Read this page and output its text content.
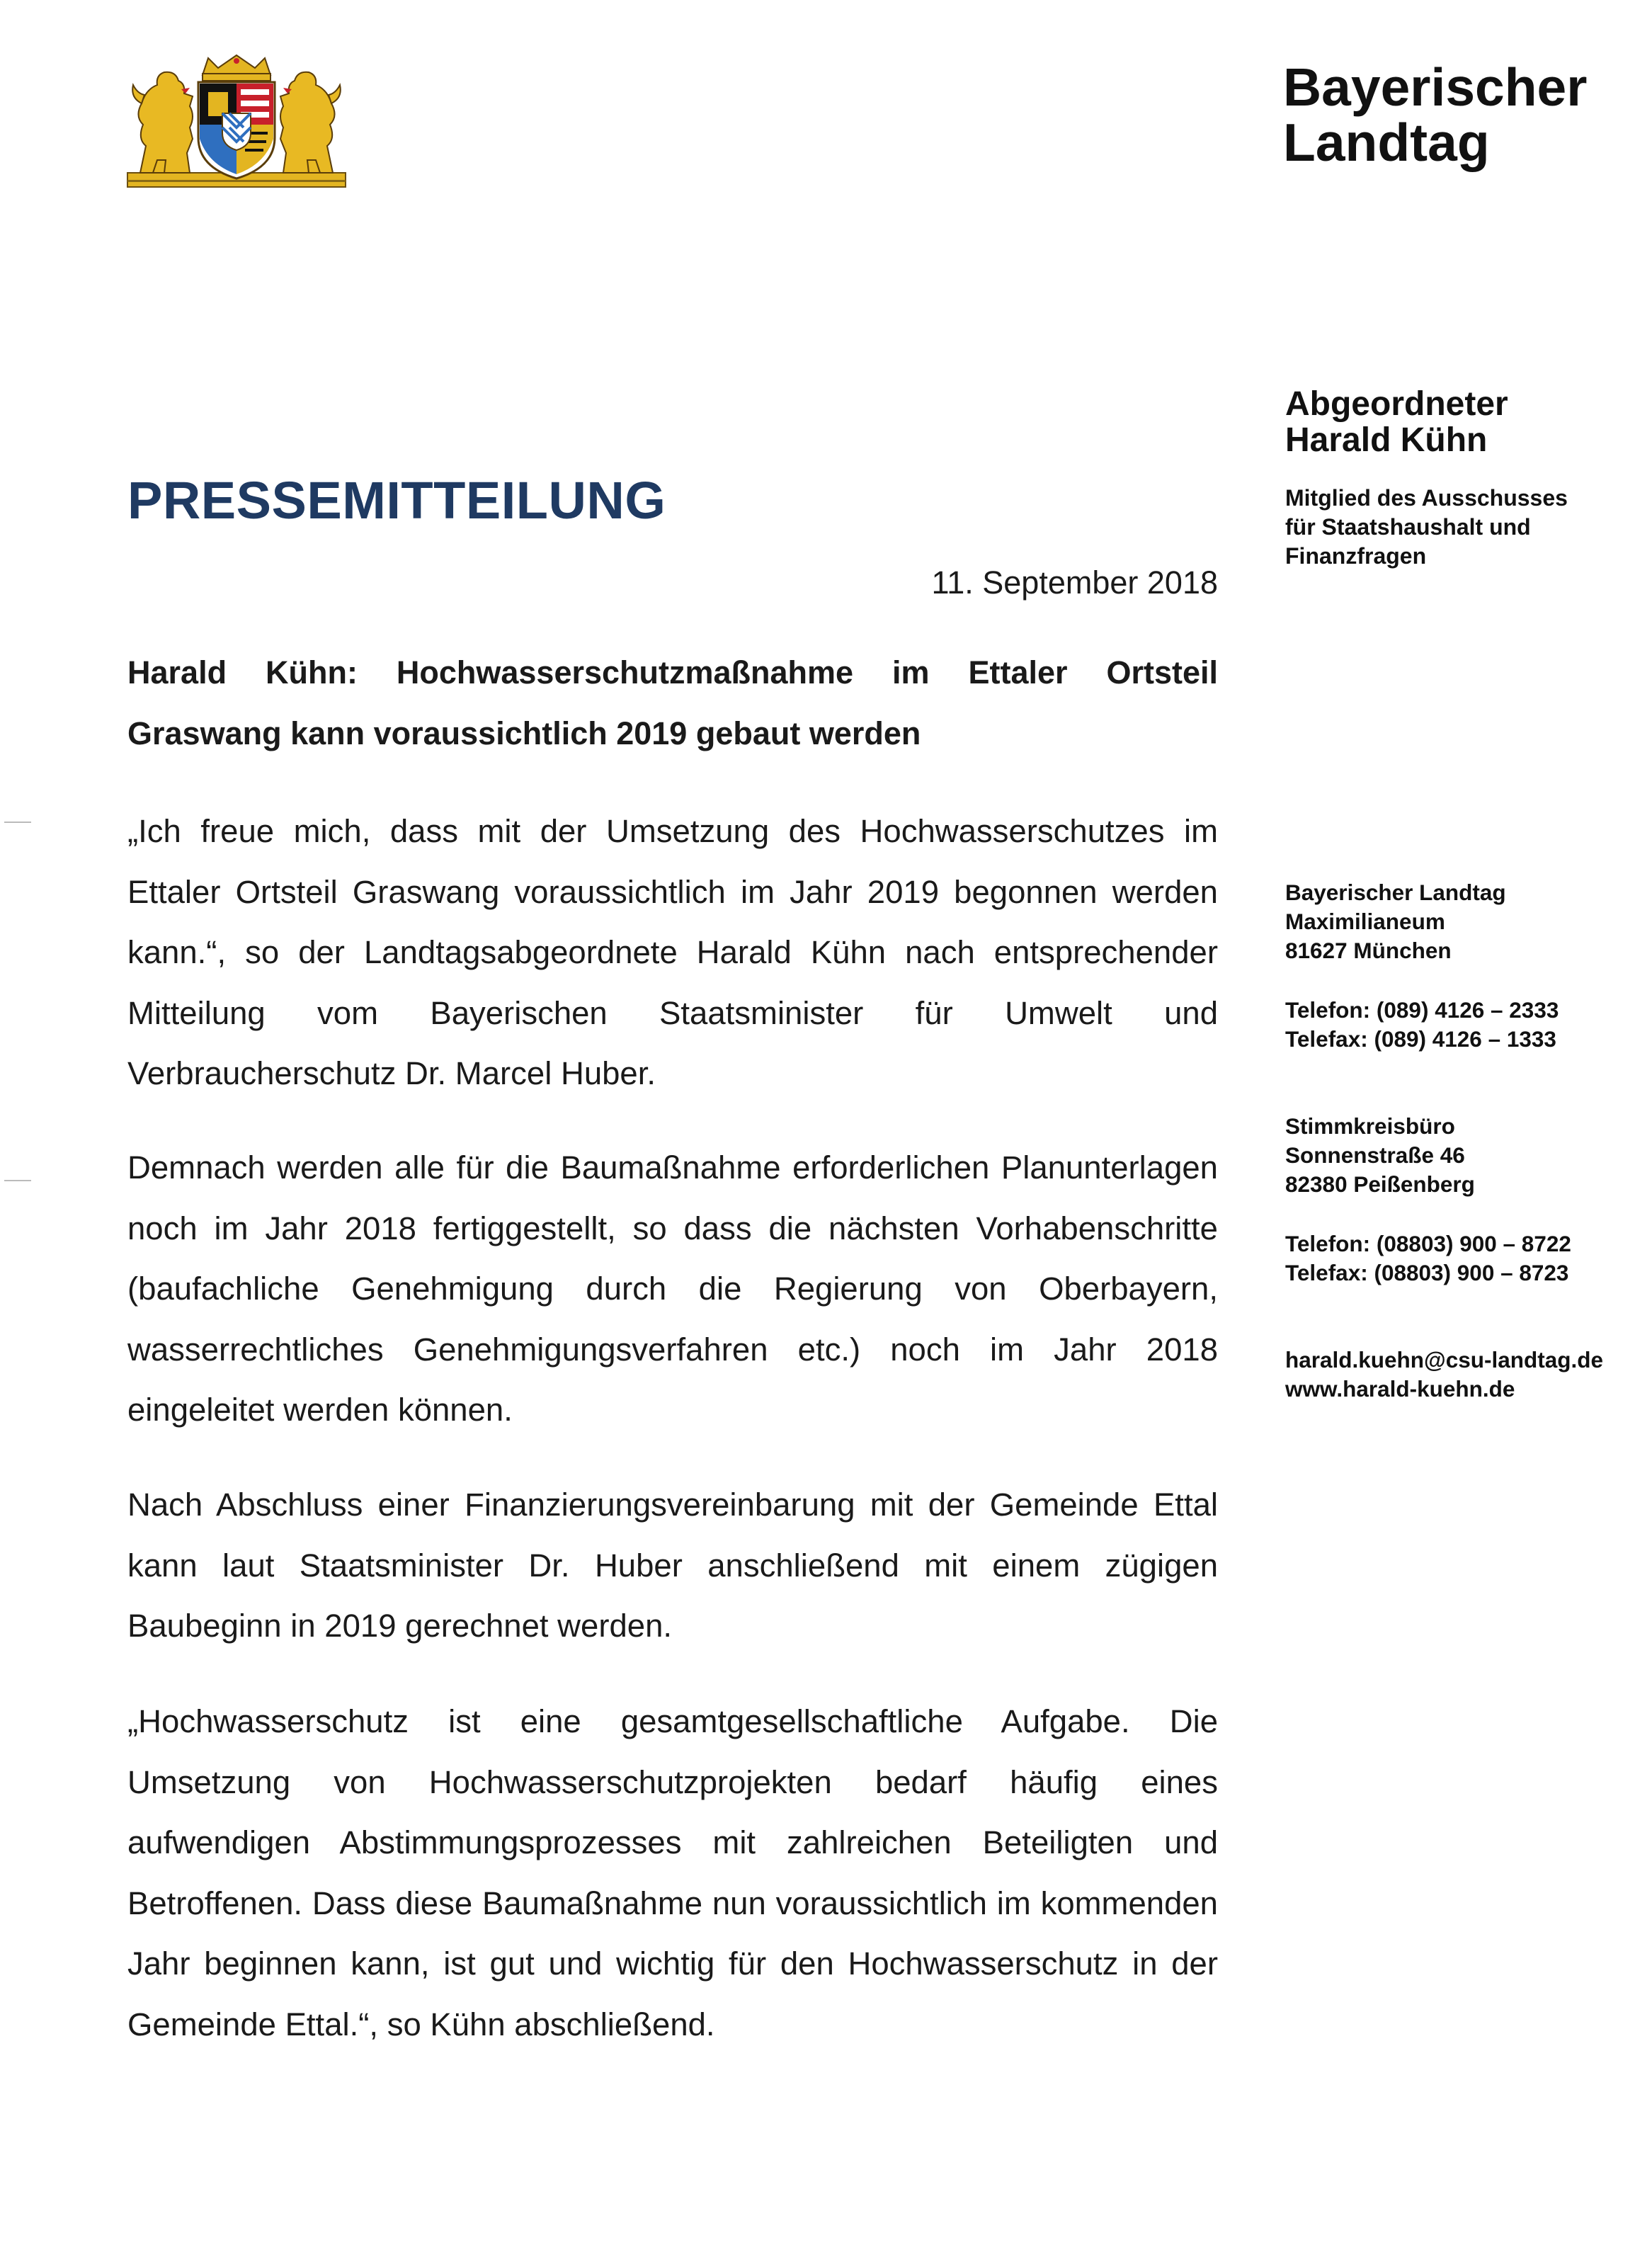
Bayerischer
Landtag
Abgeordneter
Harald Kühn
Mitglied des Ausschusses
für Staatshaushalt und
Finanzfragen
Bayerischer Landtag
Maximilianeum
81627 München
Telefon: (089) 4126 – 2333
Telefax: (089) 4126 – 1333
Stimmkreisbüro
Sonnenstraße 46
82380 Peißenberg
Telefon: (08803) 900 – 8722
Telefax: (08803) 900 – 8723
harald.kuehn@csu-landtag.de
www.harald-kuehn.de
PRESSEMITTEILUNG
11. September 2018
Harald Kühn: Hochwasserschutzmaßnahme im Ettaler Ortsteil Graswang kann voraussichtlich 2019 gebaut werden
„Ich freue mich, dass mit der Umsetzung des Hochwasserschutzes im Ettaler Ortsteil Graswang voraussichtlich im Jahr 2019 begonnen werden kann.“, so der Landtagsabgeordnete Harald Kühn nach entsprechender Mitteilung vom Bayerischen Staatsminister für Umwelt und Verbraucherschutz Dr. Marcel Huber.
Demnach werden alle für die Baumaßnahme erforderlichen Planunterlagen noch im Jahr 2018 fertiggestellt, so dass die nächsten Vorhabenschritte (baufachliche Genehmigung durch die Regierung von Oberbayern, wasserrechtliches Genehmigungsverfahren etc.) noch im Jahr 2018 eingeleitet werden können.
Nach Abschluss einer Finanzierungsvereinbarung mit der Gemeinde Ettal kann laut Staatsminister Dr. Huber anschließend mit einem zügigen Baubeginn in 2019 gerechnet werden.
„Hochwasserschutz ist eine gesamtgesellschaftliche Aufgabe. Die Umsetzung von Hochwasserschutzprojekten bedarf häufig eines aufwendigen Abstimmungsprozesses mit zahlreichen Beteiligten und Betroffenen. Dass diese Baumaßnahme nun voraussichtlich im kommenden Jahr beginnen kann, ist gut und wichtig für den Hochwasserschutz in der Gemeinde Ettal.“, so Kühn abschließend.
